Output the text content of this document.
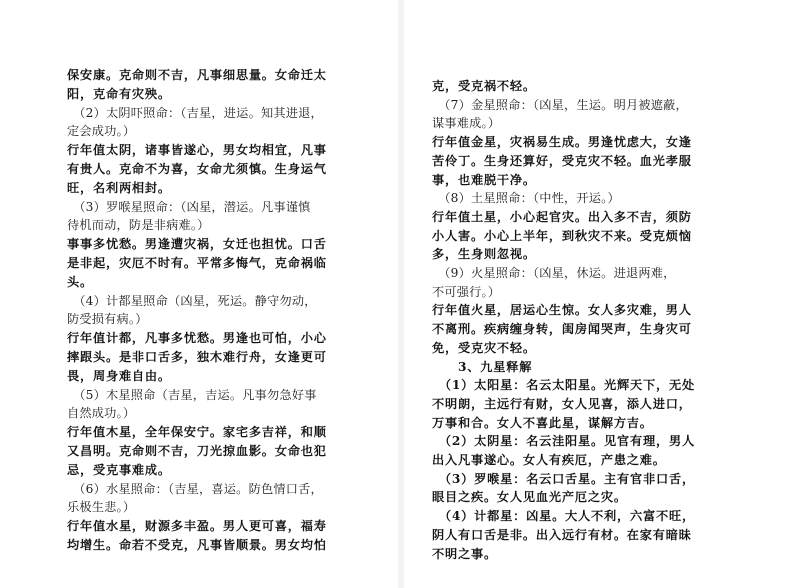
保安康。克命则不吉，凡事细思量。女命迁太
阳，克命有灾殃。
　（2）太阴吓照命：（吉星，进运。知其进退，
定会成功。）
行年值太阴，诸事皆遂心，男女均相宜，凡事
有贵人。克命不为喜，女命尤须慎。生身运气
旺，名利两相封。
　（3）罗喉星照命：（凶星，潜运。凡事谨慎
待机而动，防是非病难。）
事事多忧愁。男逢遭灾祸，女迁也担忧。口舌
是非起，灾厄不时有。平常多悔气，克命祸临
头。
　（4）计都星照命（凶星，死运。静守勿动，
防受损有病。）
行年值计都，凡事多忧愁。男逢也可怕，小心
摔跟头。是非口舌多，独木难行舟，女逢更可
畏，周身难自由。
　（5）木星照命（吉星，吉运。凡事勿急好事
自然成功。）
行年值木星，全年保安宁。家宅多吉祥，和顺
又昌明。克命则不吉，刀光掠血影。女命也犯
忌，受克事难成。
　（6）水星照命：（吉星，喜运。防色情口舌，
乐极生悲。）
行年值水星，财源多丰盈。男人更可喜，福寿
均增生。命若不受克，凡事皆顺景。男女均怕
克，受克祸不轻。
　（7）金星照命：（凶星，生运。明月被遮蔽，
谋事难成。）
行年值金星，灾祸易生成。男逢忧虑大，女逢
苦伶丁。生身还算好，受克灾不轻。血光孝服
事，也难脱干净。
　（8）土星照命：（中性，开运。）
行年值土星，小心起官灾。出入多不吉，须防
小人害。小心上半年，到秋灾不来。受克烦恼
多，生身则忽视。
　（9）火星照命：（凶星，休运。进退两难，
不可强行。）
行年值火星，居运心生惊。女人多灾难，男人
不离刑。疾病缠身转，闺房闻哭声，生身灾可
免，受克灾不轻。
　　3、九星释解
　（1）太阳星：名云太阳星。光辉天下，无处
不明朗，主远行有财，女人见喜，添人进口，
万事和合。女人不喜此星，谋解方吉。
　（2）太阴星：名云洼阳星。见官有理，男人
出入凡事遂心。女人有疾厄，产患之难。
　（3）罗喉星：名云口舌星。主有官非口舌，
眼目之疾。女人见血光产厄之灾。
　（4）计都星：凶星。大人不利，六富不旺，
阴人有口舌是非。出入远行有材。在家有暗昧
不明之事。
